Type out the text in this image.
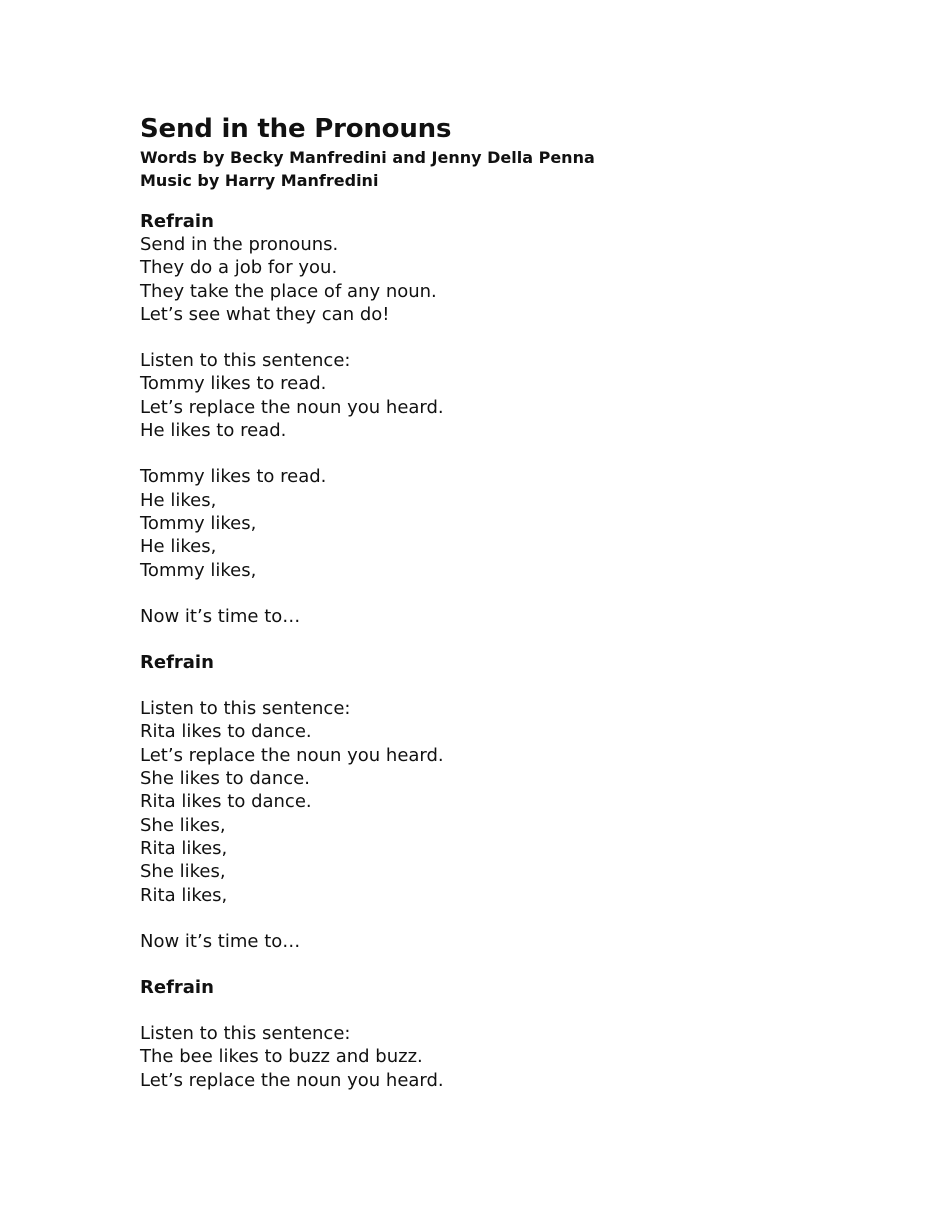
Send in the Pronouns

Words by Becky Manfredini and Jenny Della Penna

Music by Harry Manfredini

Refrain

Send in the pronouns.

They do a job for you.

They take the place of any noun.

Let’s see what they can do!

Listen to this sentence:

Tommy likes to read.

Let’s replace the noun you heard.

He likes to read.

Tommy likes to read.

He likes,

Tommy likes,

He likes,

Tommy likes,

Now it’s time to…

Refrain

Listen to this sentence:

Rita likes to dance.

Let’s replace the noun you heard.

She likes to dance.

Rita likes to dance.

She likes,

Rita likes,

She likes,

Rita likes,

Now it’s time to…

Refrain

Listen to this sentence:

The bee likes to buzz and buzz.

Let’s replace the noun you heard.
